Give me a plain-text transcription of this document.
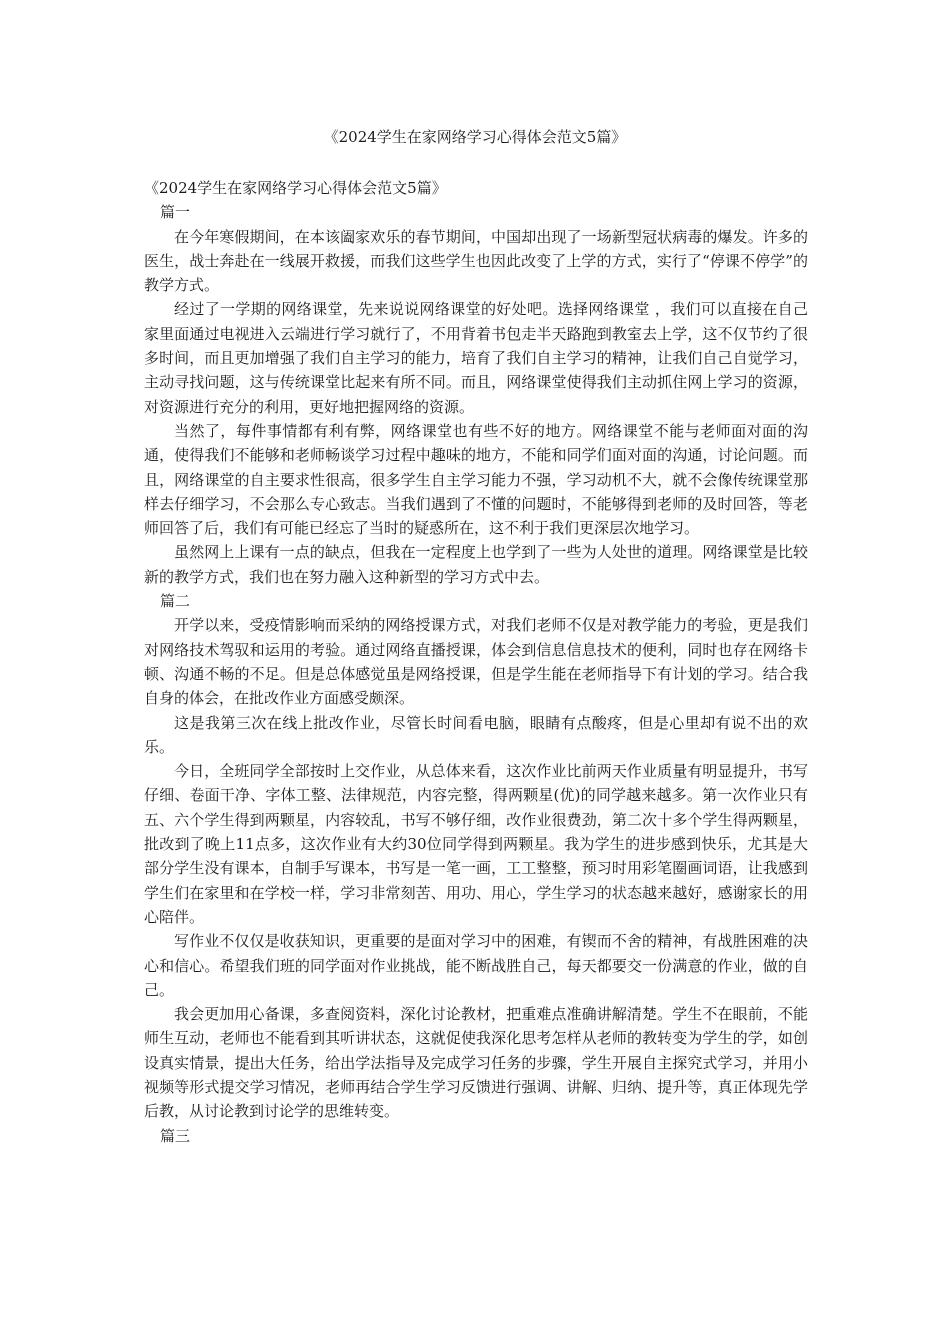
《2024学生在家网络学习心得体会范文5篇》

《2024学生在家网络学习心得体会范文5篇》

篇一

在今年寒假期间，在本该阖家欢乐的春节期间，中国却出现了一场新型冠状病毒的爆发。许多的医生，战士奔赴在一线展开救援，而我们这些学生也因此改变了上学的方式，实行了“停课不停学”的教学方式。

经过了一学期的网络课堂，先来说说网络课堂的好处吧。选择网络课堂 ，我们可以直接在自己家里面通过电视进入云端进行学习就行了，不用背着书包走半天路跑到教室去上学，这不仅节约了很多时间，而且更加增强了我们自主学习的能力，培育了我们自主学习的精神，让我们自己自觉学习，主动寻找问题，这与传统课堂比起来有所不同。而且，网络课堂使得我们主动抓住网上学习的资源，对资源进行充分的利用，更好地把握网络的资源。

当然了，每件事情都有利有弊，网络课堂也有些不好的地方。网络课堂不能与老师面对面的沟通，使得我们不能够和老师畅谈学习过程中趣味的地方，不能和同学们面对面的沟通，讨论问题。而且，网络课堂的自主要求性很高，很多学生自主学习能力不强，学习动机不大，就不会像传统课堂那样去仔细学习，不会那么专心致志。当我们遇到了不懂的问题时，不能够得到老师的及时回答，等老师回答了后，我们有可能已经忘了当时的疑惑所在，这不利于我们更深层次地学习。

虽然网上上课有一点的缺点，但我在一定程度上也学到了一些为人处世的道理。网络课堂是比较新的教学方式，我们也在努力融入这种新型的学习方式中去。

篇二

开学以来，受疫情影响而采纳的网络授课方式，对我们老师不仅是对教学能力的考验，更是我们对网络技术驾驭和运用的考验。通过网络直播授课，体会到信息信息技术的便利，同时也存在网络卡顿、沟通不畅的不足。但是总体感觉虽是网络授课，但是学生能在老师指导下有计划的学习。结合我自身的体会，在批改作业方面感受颇深。

这是我第三次在线上批改作业，尽管长时间看电脑，眼睛有点酸疼，但是心里却有说不出的欢乐。

今日，全班同学全部按时上交作业，从总体来看，这次作业比前两天作业质量有明显提升，书写仔细、卷面干净、字体工整、法律规范，内容完整，得两颗星(优)的同学越来越多。第一次作业只有五、六个学生得到两颗星，内容较乱，书写不够仔细，改作业很费劲，第二次十多个学生得两颗星，批改到了晚上11点多，这次作业有大约30位同学得到两颗星。我为学生的进步感到快乐，尤其是大部分学生没有课本，自制手写课本，书写是一笔一画，工工整整，预习时用彩笔圈画词语，让我感到学生们在家里和在学校一样，学习非常刻苦、用功、用心，学生学习的状态越来越好，感谢家长的用心陪伴。

写作业不仅仅是收获知识，更重要的是面对学习中的困难，有锲而不舍的精神，有战胜困难的决心和信心。希望我们班的同学面对作业挑战，能不断战胜自己，每天都要交一份满意的作业，做的自己。

我会更加用心备课，多查阅资料，深化讨论教材，把重难点准确讲解清楚。学生不在眼前，不能师生互动，老师也不能看到其听讲状态，这就促使我深化思考怎样从老师的教转变为学生的学，如创设真实情景，提出大任务，给出学法指导及完成学习任务的步骤，学生开展自主探究式学习，并用小视频等形式提交学习情况，老师再结合学生学习反馈进行强调、讲解、归纳、提升等，真正体现先学后教，从讨论教到讨论学的思维转变。

篇三
